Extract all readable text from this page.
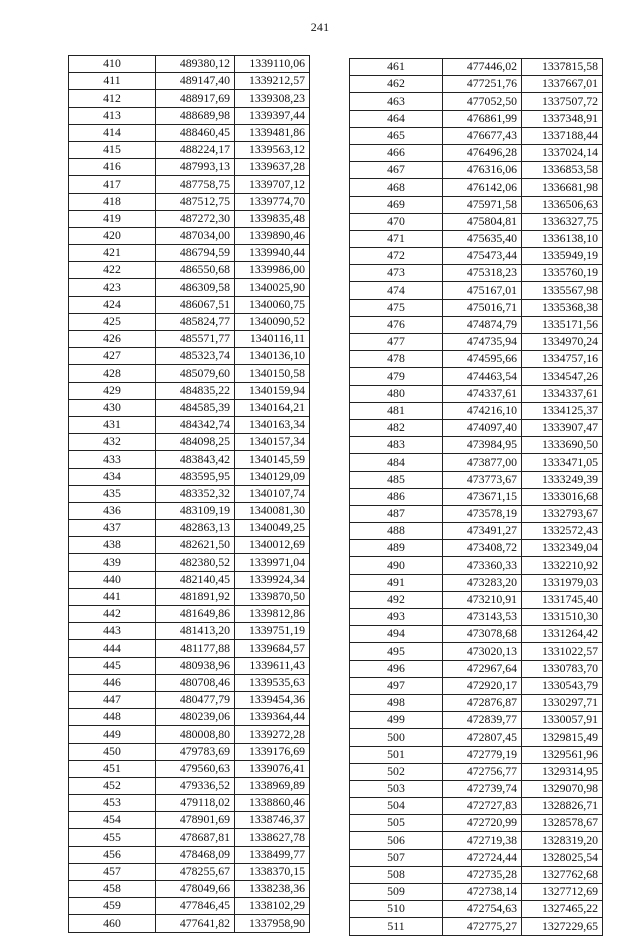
241
410	489380,12	1339110,06
411	489147,40	1339212,57
412	488917,69	1339308,23
413	488689,98	1339397,44
414	488460,45	1339481,86
415	488224,17	1339563,12
416	487993,13	1339637,28
417	487758,75	1339707,12
418	487512,75	1339774,70
419	487272,30	1339835,48
420	487034,00	1339890,46
421	486794,59	1339940,44
422	486550,68	1339986,00
423	486309,58	1340025,90
424	486067,51	1340060,75
425	485824,77	1340090,52
426	485571,77	1340116,11
427	485323,74	1340136,10
428	485079,60	1340150,58
429	484835,22	1340159,94
430	484585,39	1340164,21
431	484342,74	1340163,34
432	484098,25	1340157,34
433	483843,42	1340145,59
434	483595,95	1340129,09
435	483352,32	1340107,74
436	483109,19	1340081,30
437	482863,13	1340049,25
438	482621,50	1340012,69
439	482380,52	1339971,04
440	482140,45	1339924,34
441	481891,92	1339870,50
442	481649,86	1339812,86
443	481413,20	1339751,19
444	481177,88	1339684,57
445	480938,96	1339611,43
446	480708,46	1339535,63
447	480477,79	1339454,36
448	480239,06	1339364,44
449	480008,80	1339272,28
450	479783,69	1339176,69
451	479560,63	1339076,41
452	479336,52	1338969,89
453	479118,02	1338860,46
454	478901,69	1338746,37
455	478687,81	1338627,78
456	478468,09	1338499,77
457	478255,67	1338370,15
458	478049,66	1338238,36
459	477846,45	1338102,29
460	477641,82	1337958,90
461	477446,02	1337815,58
462	477251,76	1337667,01
463	477052,50	1337507,72
464	476861,99	1337348,91
465	476677,43	1337188,44
466	476496,28	1337024,14
467	476316,06	1336853,58
468	476142,06	1336681,98
469	475971,58	1336506,63
470	475804,81	1336327,75
471	475635,40	1336138,10
472	475473,44	1335949,19
473	475318,23	1335760,19
474	475167,01	1335567,98
475	475016,71	1335368,38
476	474874,79	1335171,56
477	474735,94	1334970,24
478	474595,66	1334757,16
479	474463,54	1334547,26
480	474337,61	1334337,61
481	474216,10	1334125,37
482	474097,40	1333907,47
483	473984,95	1333690,50
484	473877,00	1333471,05
485	473773,67	1333249,39
486	473671,15	1333016,68
487	473578,19	1332793,67
488	473491,27	1332572,43
489	473408,72	1332349,04
490	473360,33	1332210,92
491	473283,20	1331979,03
492	473210,91	1331745,40
493	473143,53	1331510,30
494	473078,68	1331264,42
495	473020,13	1331022,57
496	472967,64	1330783,70
497	472920,17	1330543,79
498	472876,87	1330297,71
499	472839,77	1330057,91
500	472807,45	1329815,49
501	472779,19	1329561,96
502	472756,77	1329314,95
503	472739,74	1329070,98
504	472727,83	1328826,71
505	472720,99	1328578,67
506	472719,38	1328319,20
507	472724,44	1328025,54
508	472735,28	1327762,68
509	472738,14	1327712,69
510	472754,63	1327465,22
511	472775,27	1327229,65
